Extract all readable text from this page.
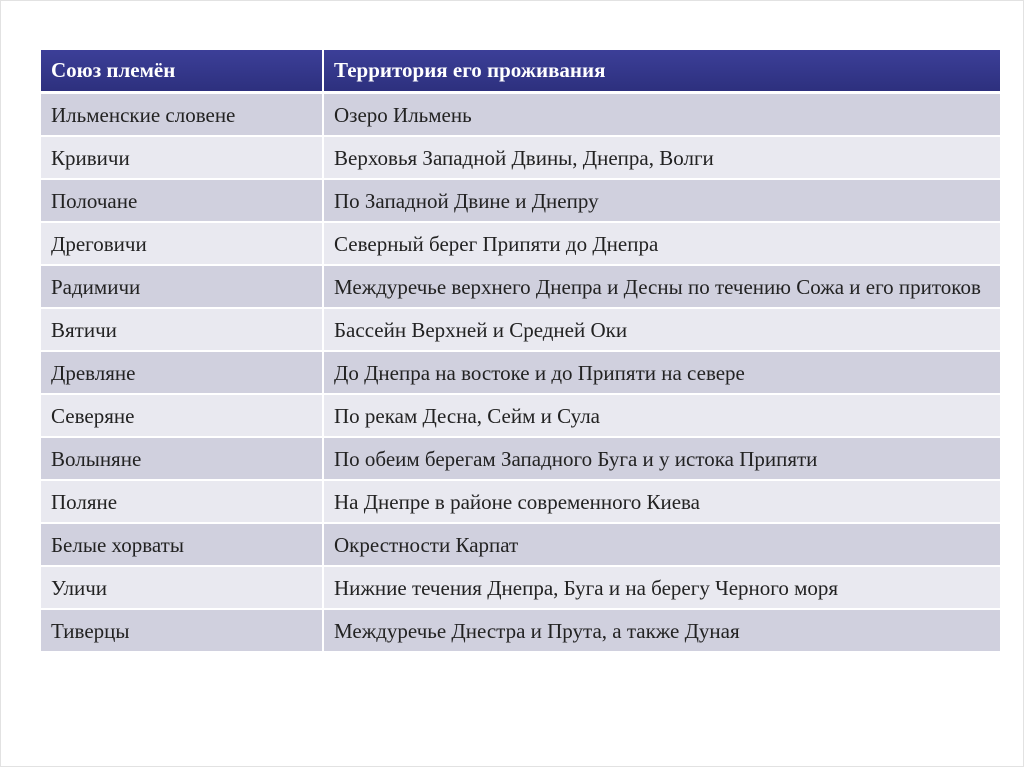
Союз племён	Территория его проживания
Ильменские словене	Озеро Ильмень
Кривичи	Верховья Западной Двины, Днепра, Волги
Полочане	По Западной Двине и Днепру
Дреговичи	Северный берег Припяти до Днепра
Радимичи	Междуречье верхнего Днепра и Десны по течению Сожа и его притоков
Вятичи	Бассейн Верхней и Средней Оки
Древляне	До Днепра на востоке и до Припяти на севере
Северяне	По рекам Десна, Сейм и Сула
Волыняне	По обеим берегам Западного Буга и у истока Припяти
Поляне	На Днепре в районе современного Киева
Белые хорваты	Окрестности Карпат
Уличи	Нижние течения Днепра, Буга и на берегу Черного моря
Тиверцы	Междуречье Днестра и Прута, а также Дуная
